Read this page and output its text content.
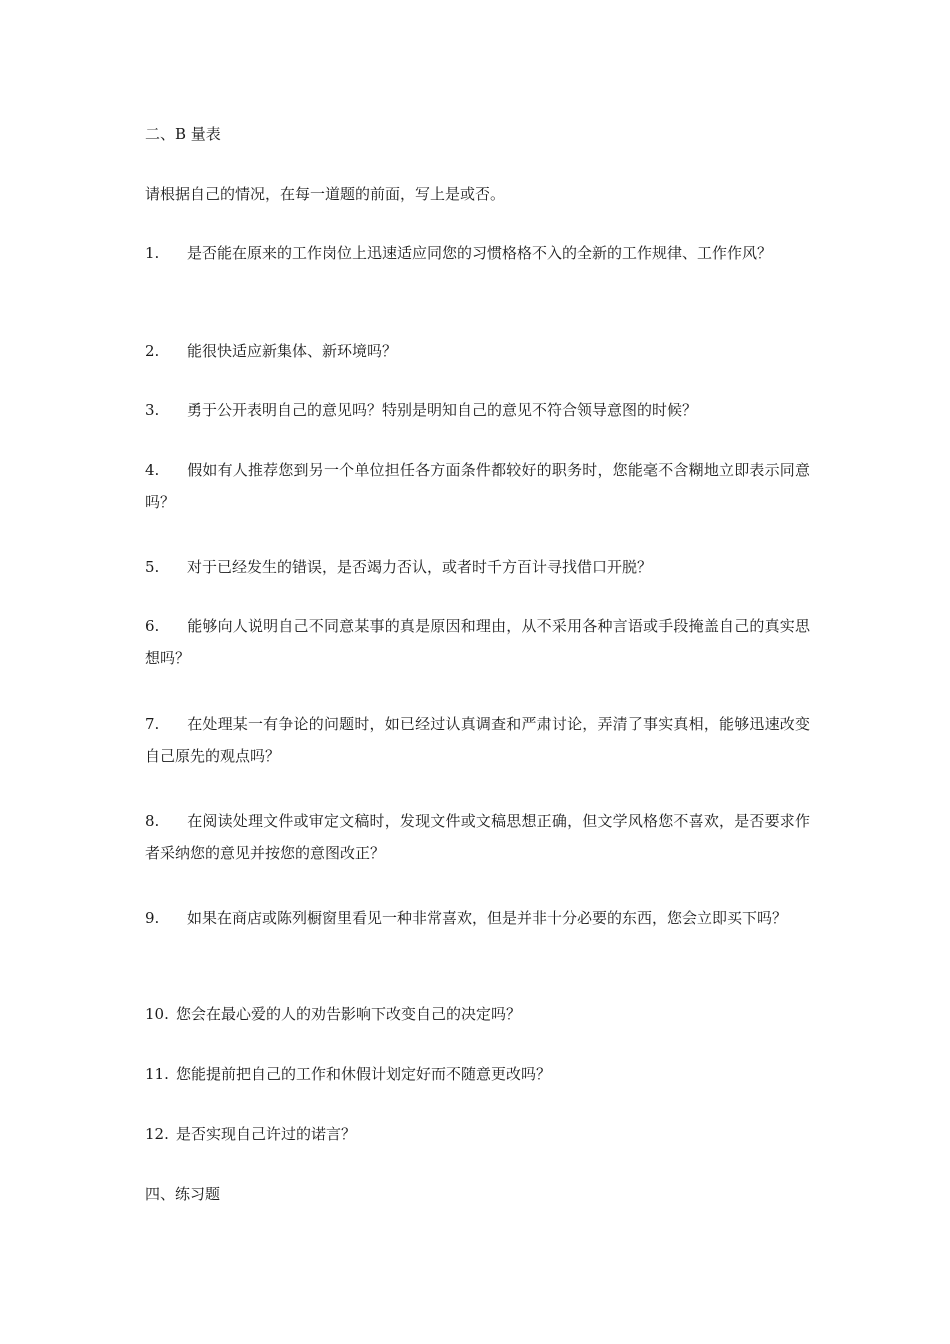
二、B 量表
请根据自己的情况，在每一道题的前面，写上是或否。
1. 是否能在原来的工作岗位上迅速适应同您的习惯格格不入的全新的工作规律、工作作风？
2. 能很快适应新集体、新环境吗？
3. 勇于公开表明自己的意见吗？特别是明知自己的意见不符合领导意图的时候？
4. 假如有人推荐您到另一个单位担任各方面条件都较好的职务时，您能毫不含糊地立即表示同意吗？
5. 对于已经发生的错误，是否竭力否认，或者时千方百计寻找借口开脱？
6. 能够向人说明自己不同意某事的真是原因和理由，从不采用各种言语或手段掩盖自己的真实思想吗？
7. 在处理某一有争论的问题时，如已经过认真调查和严肃讨论，弄清了事实真相，能够迅速改变自己原先的观点吗？
8. 在阅读处理文件或审定文稿时，发现文件或文稿思想正确，但文学风格您不喜欢，是否要求作者采纳您的意见并按您的意图改正？
9. 如果在商店或陈列橱窗里看见一种非常喜欢，但是并非十分必要的东西，您会立即买下吗？
10. 您会在最心爱的人的劝告影响下改变自己的决定吗？
11. 您能提前把自己的工作和休假计划定好而不随意更改吗？
12. 是否实现自己许过的诺言？
四、练习题
